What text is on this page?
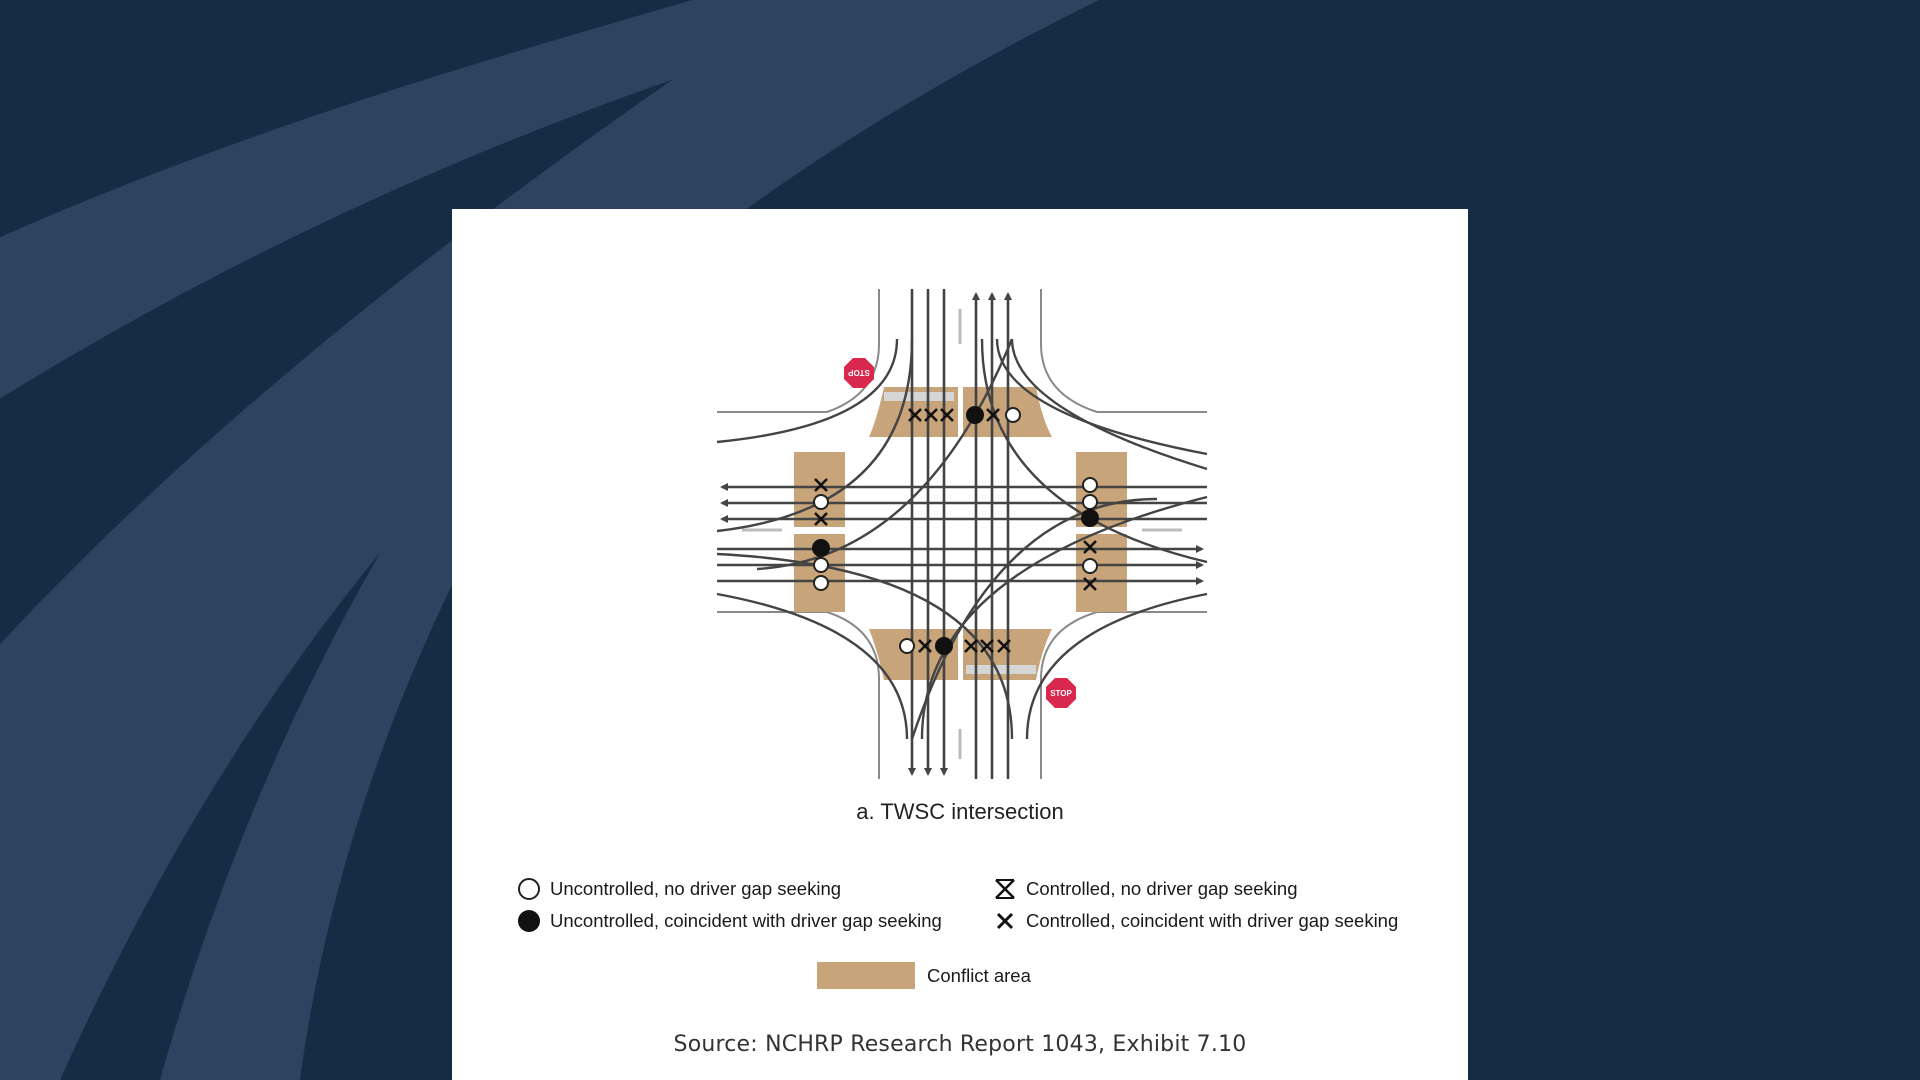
STOP
STOP
a. TWSC intersection
Uncontrolled, no driver gap seeking
Uncontrolled, coincident with driver gap seeking
Controlled, no driver gap seeking
Controlled, coincident with driver gap seeking
Conflict area
Source: NCHRP Research Report 1043, Exhibit 7.10
